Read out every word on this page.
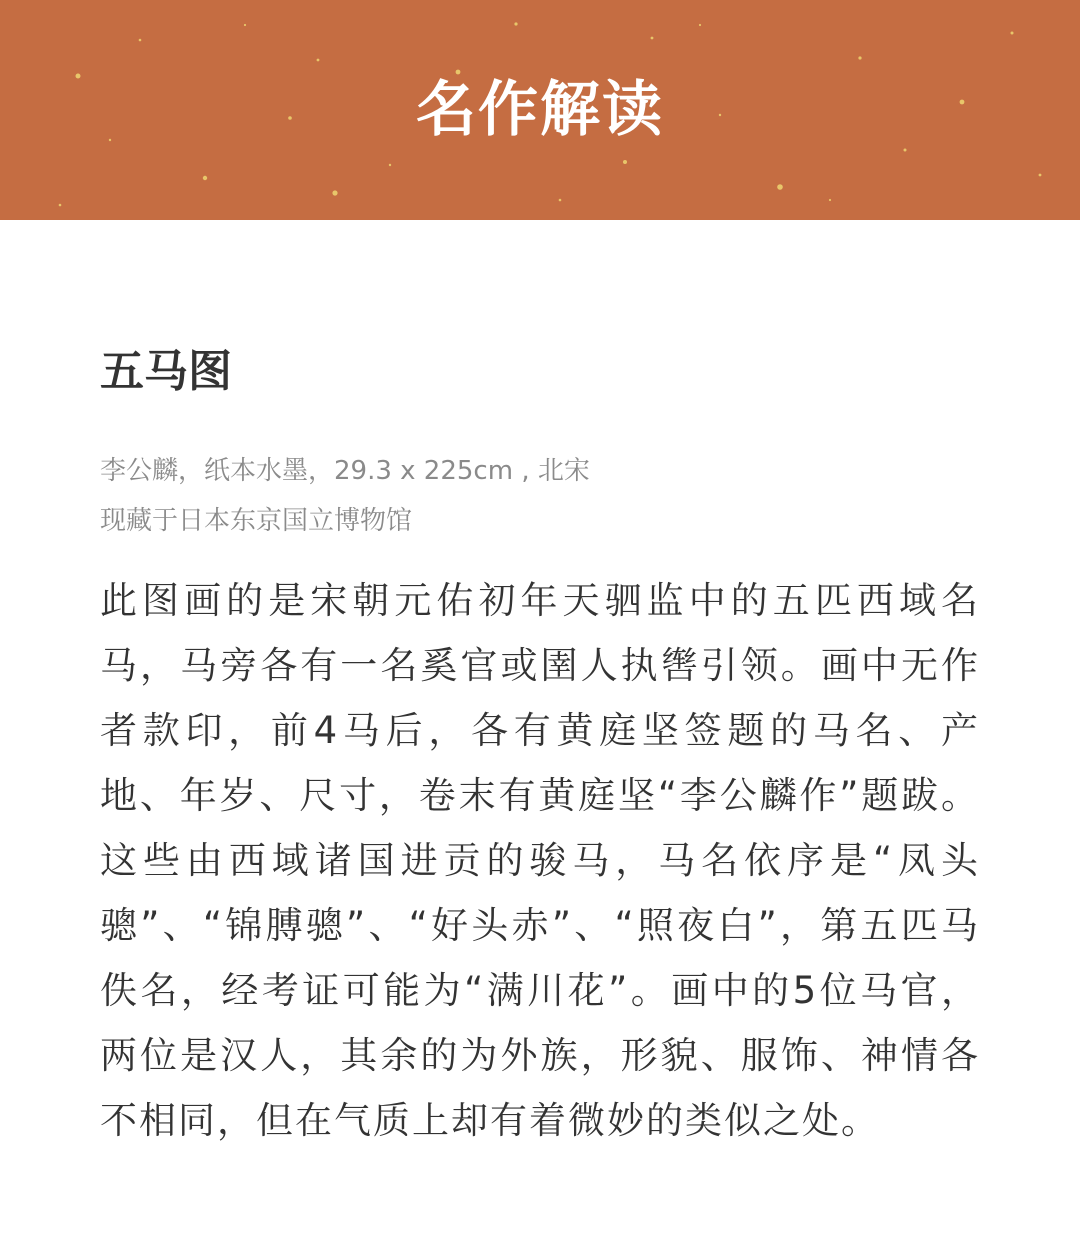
名作解读
五马图
李公麟，纸本水墨，29.3 x 225cm , 北宋
现藏于日本东京国立博物馆

此图画的是宋朝元佑初年天驷监中的五匹西域名马，马旁各有一名奚官或圉人执辔引领。画中无作者款印，前4马后，各有黄庭坚签题的马名、产地、年岁、尺寸，卷末有黄庭坚“李公麟作”题跋。这些由西域诸国进贡的骏马，马名依序是“凤头骢”、“锦膊骢”、“好头赤”、“照夜白”，第五匹马佚名，经考证可能为“满川花”。画中的5位马官，两位是汉人，其余的为外族，形貌、服饰、神情各不相同，但在气质上却有着微妙的类似之处。
